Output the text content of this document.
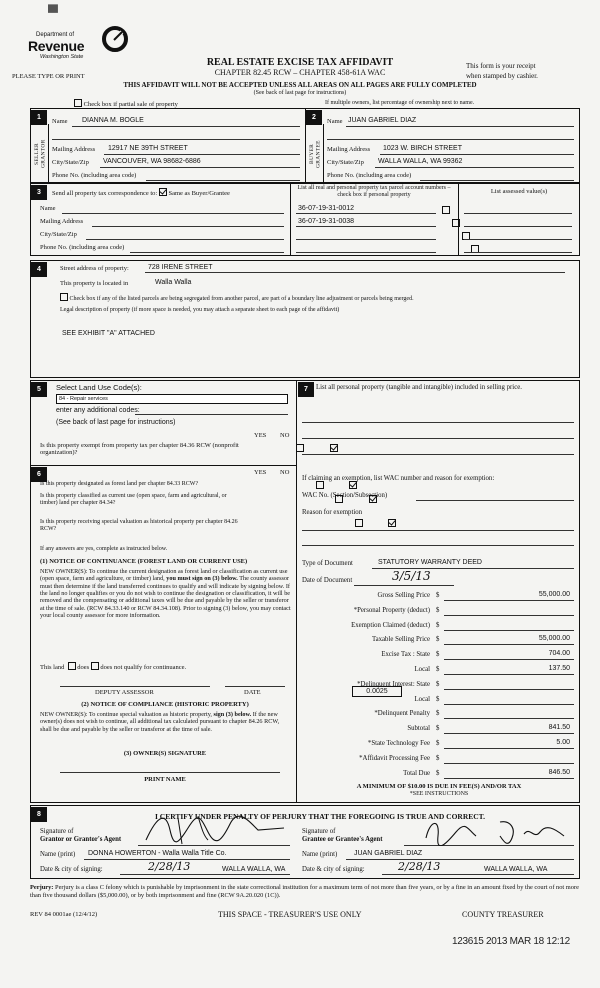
Department of
Revenue
Washington State
▀
REAL ESTATE EXCISE TAX AFFIDAVIT
CHAPTER 82.45 RCW – CHAPTER 458-61A WAC
PLEASE TYPE OR PRINT
This form is your receipt
when stamped by cashier.
THIS AFFIDAVIT WILL NOT BE ACCEPTED UNLESS ALL AREAS ON ALL PAGES ARE FULLY COMPLETED
(See back of last page for instructions)
Check box if partial sale of property	If multiple owners, list percentage of ownership next to name.
1	2
SELLER GRANTOR	BUYER GRANTEE
Name DIANNA M. BOGLE
Mailing Address 12917 NE 39TH STREET
City/State/Zip VANCOUVER, WA 98682-6886
Phone No. (including area code)
Name JUAN GABRIEL DIAZ
Mailing Address 1023 W. BIRCH STREET
City/State/Zip WALLA WALLA, WA 99362
Phone No. (including area code)
3	Send all property tax correspondence to: Same as Buyer/Grantee
List all real and personal property tax parcel account numbers – check box if personal property	List assessed value(s)
Name
Mailing Address
City/State/Zip
Phone No. (including area code)
36-07-19-31-0012
36-07-19-31-0038

4	Street address of property:	728 IRENE STREET
This property is located in	Walla Walla
Check box if any of the listed parcels are being segregated from another parcel, are part of a boundary line adjustment or parcels being merged.
Legal description of property (if more space is needed, you may attach a separate sheet to each page of the affidavit)
SEE EXHIBIT "A" ATTACHED
5	Select Land Use Code(s):
84 - Repair services
enter any additional codes:
(See back of last page for instructions)
YES NO
Is this property exempt from property tax per chapter 84.36 RCW (nonprofit organization)?

6	YES NO
Is this property designated as forest land per chapter 84.33 RCW?

Is this property classified as current use (open space, farm and agricultural, or timber) land per chapter 84.34?

Is this property receiving special valuation as historical property per chapter 84.26 RCW?

If any answers are yes, complete as instructed below.
(1) NOTICE OF CONTINUANCE (FOREST LAND OR CURRENT USE)
NEW OWNER(S): To continue the current designation as forest land or classification as current use (open space, farm and agriculture, or timber) land, you must sign on (3) below. The county assessor must then determine if the land transferred continues to qualify and will indicate by signing below. If the land no longer qualifies or you do not wish to continue the designation or classification, it will be removed and the compensating or additional taxes will be due and payable by the seller or transferor at the time of sale. (RCW 84.33.140 or RCW 84.34.108). Prior to signing (3) below, you may contact your local county assessor for more information.
This land does does not qualify for continuance.
DEPUTY ASSESSOR	DATE
(2) NOTICE OF COMPLIANCE (HISTORIC PROPERTY)
NEW OWNER(S): To continue special valuation as historic property, sign (3) below. If the new owner(s) does not wish to continue, all additional tax calculated pursuant to chapter 84.26 RCW, shall be due and payable by the seller or transferor at the time of sale.
(3) OWNER(S) SIGNATURE
PRINT NAME
7	List all personal property (tangible and intangible) included in selling price.
If claiming an exemption, list WAC number and reason for exemption:
WAC No. (Section/Subsection)
Reason for exemption
Type of Document	STATUTORY WARRANTY DEED
Date of Document	3/5/13
Gross Selling Price $	55,000.00
*Personal Property (deduct) $
Exemption Claimed (deduct) $
Taxable Selling Price $	55,000.00
Excise Tax : State $	704.00
Local $	137.50
*Delinquent Interest: State $
Local $
*Delinquent Penalty $
Subtotal $	841.50
*State Technology Fee $	5.00
*Affidavit Processing Fee $
Total Due $	846.50
0.0025
A MINIMUM OF $10.00 IS DUE IN FEE(S) AND/OR TAX
*SEE INSTRUCTIONS
8	I CERTIFY UNDER PENALTY OF PERJURY THAT THE FOREGOING IS TRUE AND CORRECT.
Signature of
Grantor or Grantor's Agent
Name (print) DONNA HOWERTON - Walla Walla Title Co.
Date & city of signing:	2/28/13	WALLA WALLA, WA
Signature of
Grantee or Grantee's Agent
Name (print) JUAN GABRIEL DIAZ
Date & city of signing:	2/28/13	WALLA WALLA, WA
Perjury: Perjury is a class C felony which is punishable by imprisonment in the state correctional institution for a maximum term of not more than five years, or by a fine in an amount fixed by the court of not more than five thousand dollars ($5,000.00), or by both imprisonment and fine (RCW 9A.20.020 (1C)).
REV 84 0001ae (12/4/12)	THIS SPACE - TREASURER'S USE ONLY	COUNTY TREASURER
123615 2013 MAR 18 12:12
